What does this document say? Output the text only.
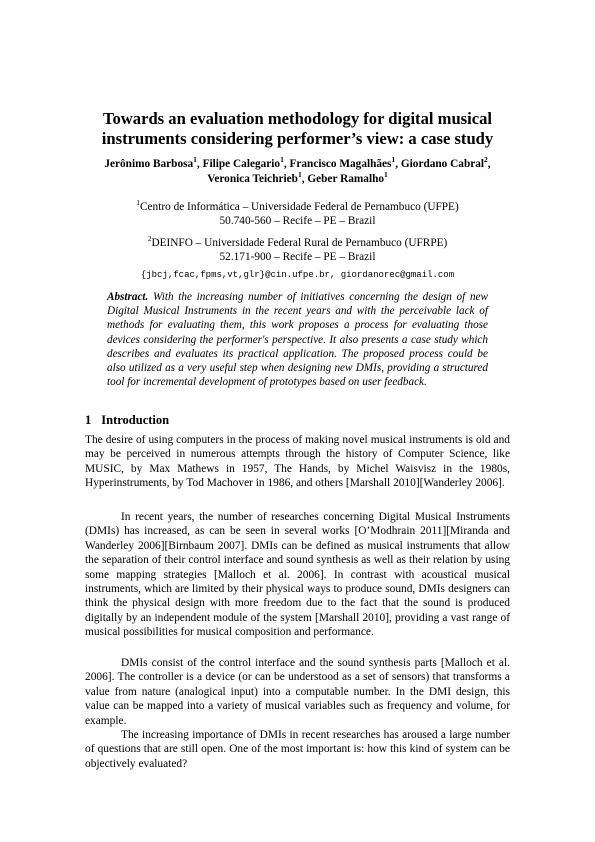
Towards an evaluation methodology for digital musical
instruments considering performer’s view: a case study
Jerônimo Barbosa$^1$, Filipe Calegario$^1$, Francisco Magalhães$^1$, Giordano Cabral$^2$,
Veronica Teichrieb$^1$, Geber Ramalho$^1$
$^1$Centro de Informática – Universidade Federal de Pernambuco (UFPE)
50.740-560 – Recife – PE – Brazil
$^2$DEINFO – Universidade Federal Rural de Pernambuco (UFRPE)
52.171-900 – Recife – PE – Brazil
{jbcj,fcac,fpms,vt,glr}@cin.ufpe.br, giordanorec@gmail.com

Abstract. With the increasing number of initiatives concerning the design of new Digital Musical Instruments in the recent years and with the perceivable lack of methods for evaluating them, this work proposes a process for evaluating those devices considering the performer's perspective. It also presents a case study which describes and evaluates its practical application. The proposed process could be also utilized as a very useful step when designing new DMIs, providing a structured tool for incremental development of prototypes based on user feedback.

1 Introduction

The desire of using computers in the process of making novel musical instruments is old and may be perceived in numerous attempts through the history of Computer Science, like MUSIC, by Max Mathews in 1957, The Hands, by Michel Waisvisz in the 1980s, Hyperinstruments, by Tod Machover in 1986, and others [Marshall 2010][Wanderley 2006].

In recent years, the number of researches concerning Digital Musical Instruments (DMIs) has increased, as can be seen in several works [O’Modhrain 2011][Miranda and Wanderley 2006][Birnbaum 2007]. DMIs can be defined as musical instruments that allow the separation of their control interface and sound synthesis as well as their relation by using some mapping strategies [Malloch et al. 2006]. In contrast with acoustical musical instruments, which are limited by their physical ways to produce sound, DMIs designers can think the physical design with more freedom due to the fact that the sound is produced digitally by an independent module of the system [Marshall 2010], providing a vast range of musical possibilities for musical composition and performance.

DMIs consist of the control interface and the sound synthesis parts [Malloch et al. 2006]. The controller is a device (or can be understood as a set of sensors) that transforms a value from nature (analogical input) into a computable number. In the DMI design, this value can be mapped into a variety of musical variables such as frequency and volume, for example.

The increasing importance of DMIs in recent researches has aroused a large number of questions that are still open. One of the most important is: how this kind of system can be objectively evaluated?
